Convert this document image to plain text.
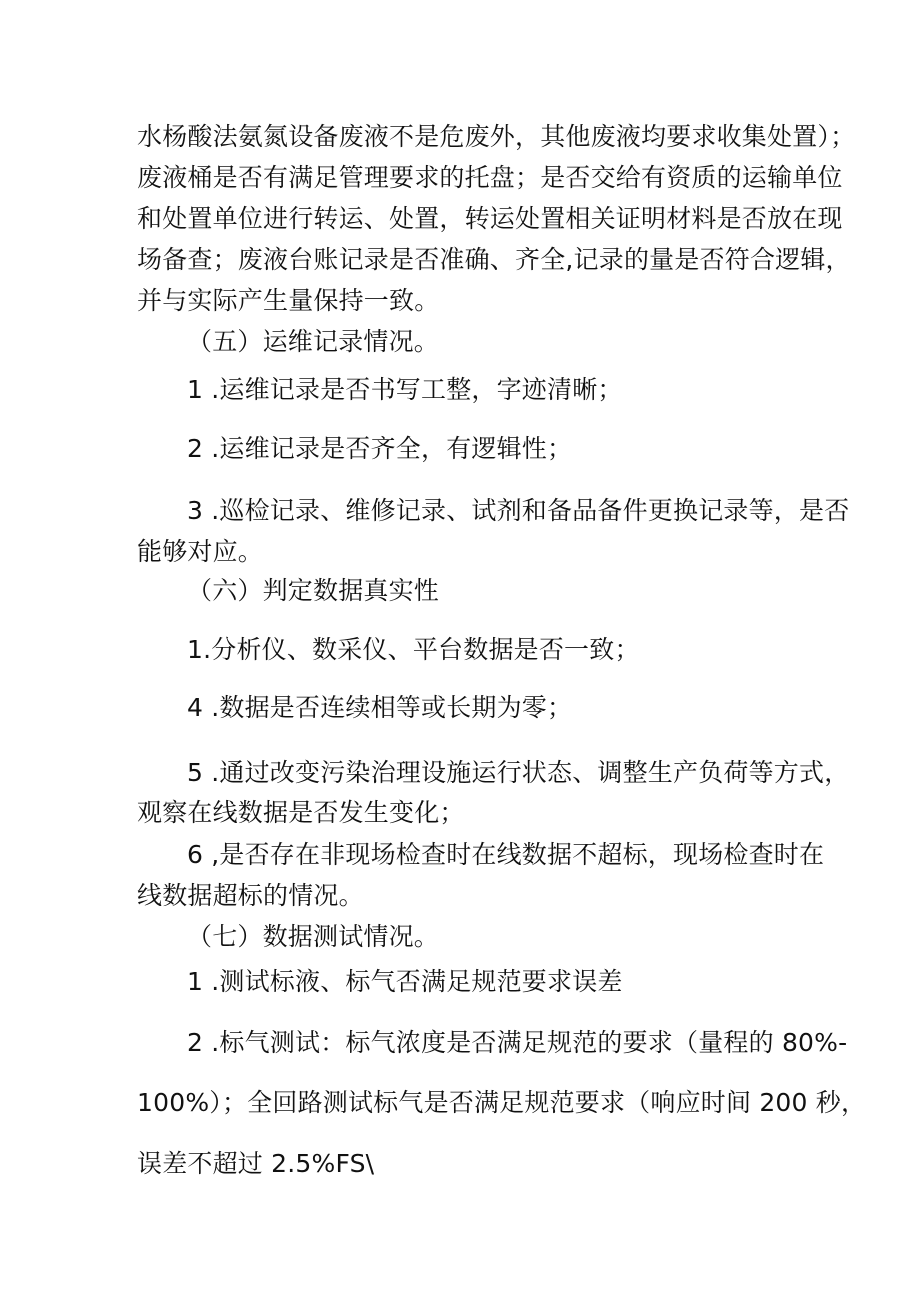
水杨酸法氨氮设备废液不是危废外，其他废液均要求收集处置）；
废液桶是否有满足管理要求的托盘；是否交给有资质的运输单位
和处置单位进行转运、处置，转运处置相关证明材料是否放在现
场备查；废液台账记录是否准确、齐全,记录的量是否符合逻辑，
并与实际产生量保持一致。
（五）运维记录情况。
1 .运维记录是否书写工整，字迹清晰；
2 .运维记录是否齐全，有逻辑性；
3 .巡检记录、维修记录、试剂和备品备件更换记录等，是否
能够对应。
（六）判定数据真实性
1.分析仪、数采仪、平台数据是否一致；
4 .数据是否连续相等或长期为零；
5 .通过改变污染治理设施运行状态、调整生产负荷等方式，
观察在线数据是否发生变化；
6 ,是否存在非现场检查时在线数据不超标，现场检查时在
线数据超标的情况。
（七）数据测试情况。
1 .测试标液、标气否满足规范要求误差
2 .标气测试：标气浓度是否满足规范的要求（量程的 80%-
100%）；全回路测试标气是否满足规范要求（响应时间 200 秒，
误差不超过 2.5%FS\
